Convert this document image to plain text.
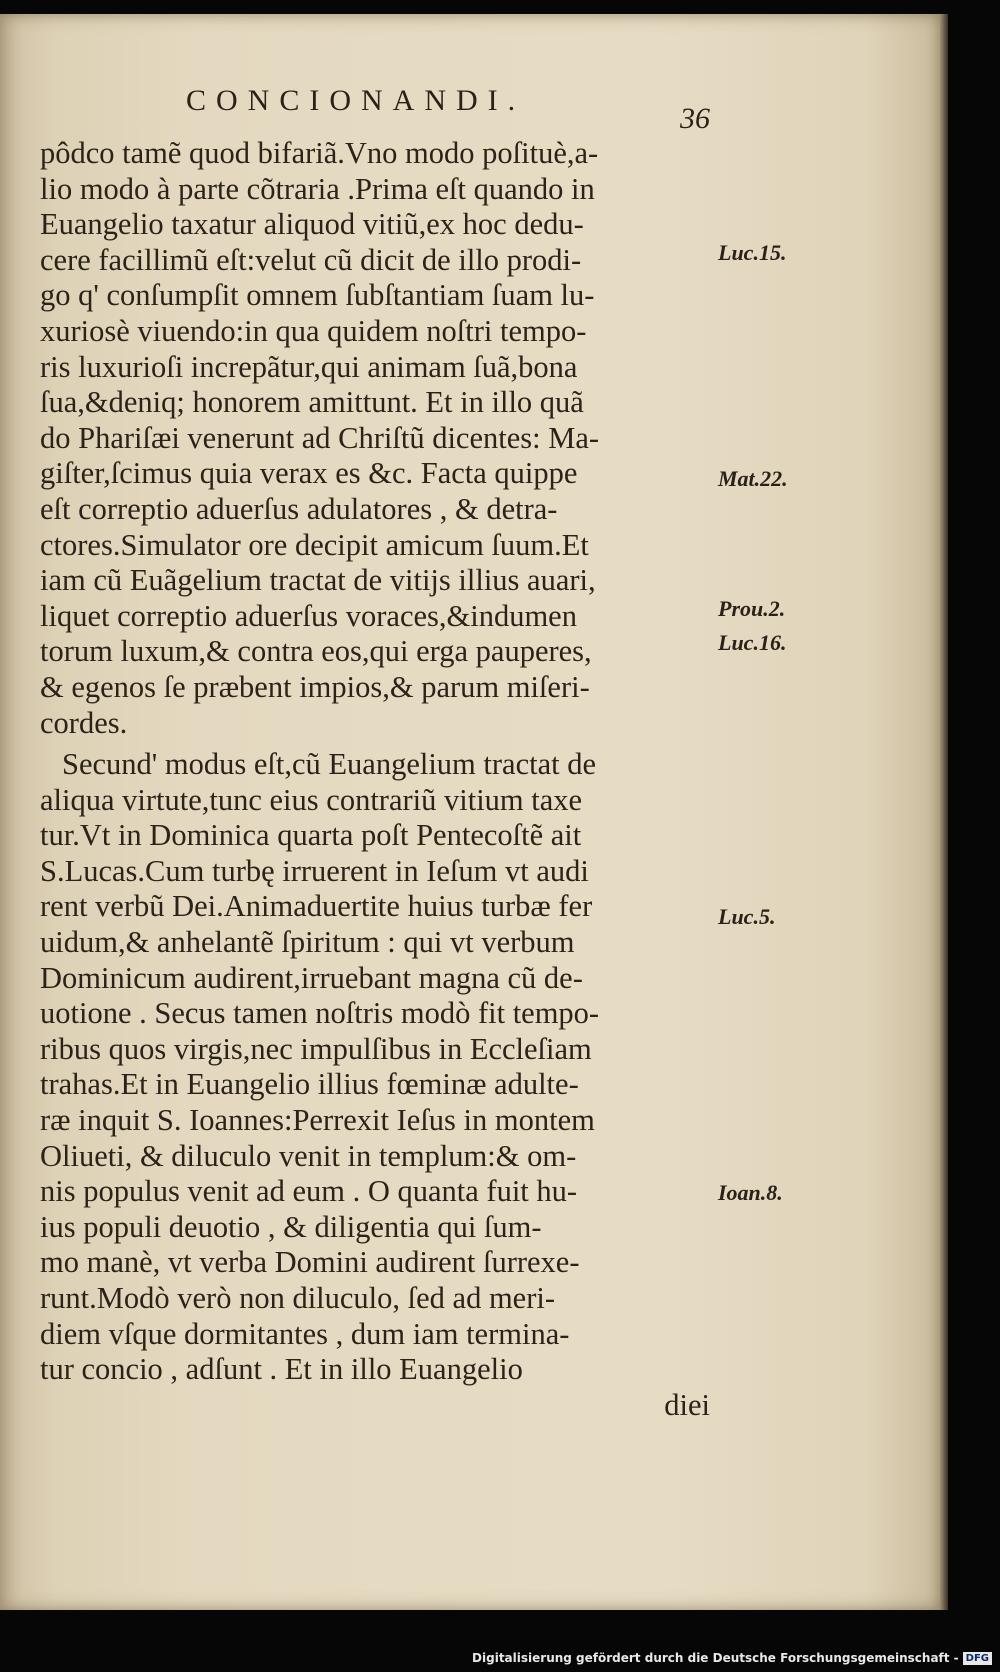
CONCIONANDI.
36
pôdco tamẽ quod bifariã.Vno modo poſituè,a-
lio modo à parte cõtraria .Prima eſt quando in
Euangelio taxatur aliquod vitiũ,ex hoc dedu-
cere facillimũ eſt:velut cũ dicit de illo prodi-
go q' conſumpſit omnem ſubſtantiam ſuam lu-
xuriosè viuendo:in qua quidem noſtri tempo-
ris luxurioſi increpãtur,qui animam ſuã,bona
ſua,&deniq; honorem amittunt. Et in illo quã
do Phariſæi venerunt ad Chriſtũ dicentes: Ma-
giſter,ſcimus quia verax es &c. Facta quippe
eſt correptio aduerſus adulatores , & detra-
ctores.Simulator ore decipit amicum ſuum.Et
iam cũ Euãgelium tractat de vitijs illius auari,
liquet correptio aduerſus voraces,&indumen
torum luxum,& contra eos,qui erga pauperes,
& egenos ſe præbent impios,& parum miſeri-
cordes.
Secund' modus eſt,cũ Euangelium tractat de
aliqua virtute,tunc eius contrariũ vitium taxe
tur.Vt in Dominica quarta poſt Pentecoſtẽ ait
S.Lucas.Cum turbę irruerent in Ieſum vt audi
rent verbũ Dei.Animaduertite huius turbæ fer
uidum,& anhelantẽ ſpiritum : qui vt verbum
Dominicum audirent,irruebant magna cũ de-
uotione . Secus tamen noſtris modò fit tempo-
ribus quos virgis,nec impulſibus in Eccleſiam
trahas.Et in Euangelio illius fœminæ adulte-
ræ inquit S. Ioannes:Perrexit Ieſus in montem
Oliueti, & diluculo venit in templum:& om-
nis populus venit ad eum . O quanta fuit hu-
ius populi deuotio , & diligentia qui ſum-
mo manè, vt verba Domini audirent ſurrexe-
runt.Modò verò non diluculo, ſed ad meri-
diem vſque dormitantes , dum iam termina-
tur concio , adſunt . Et in illo Euangelio
diei
Luc.15.
Mat.22.
Prou.2.
Luc.16.
Luc.5.
Ioan.8.
Digitalisierung gefördert durch die Deutsche Forschungsgemeinschaft - DFG
